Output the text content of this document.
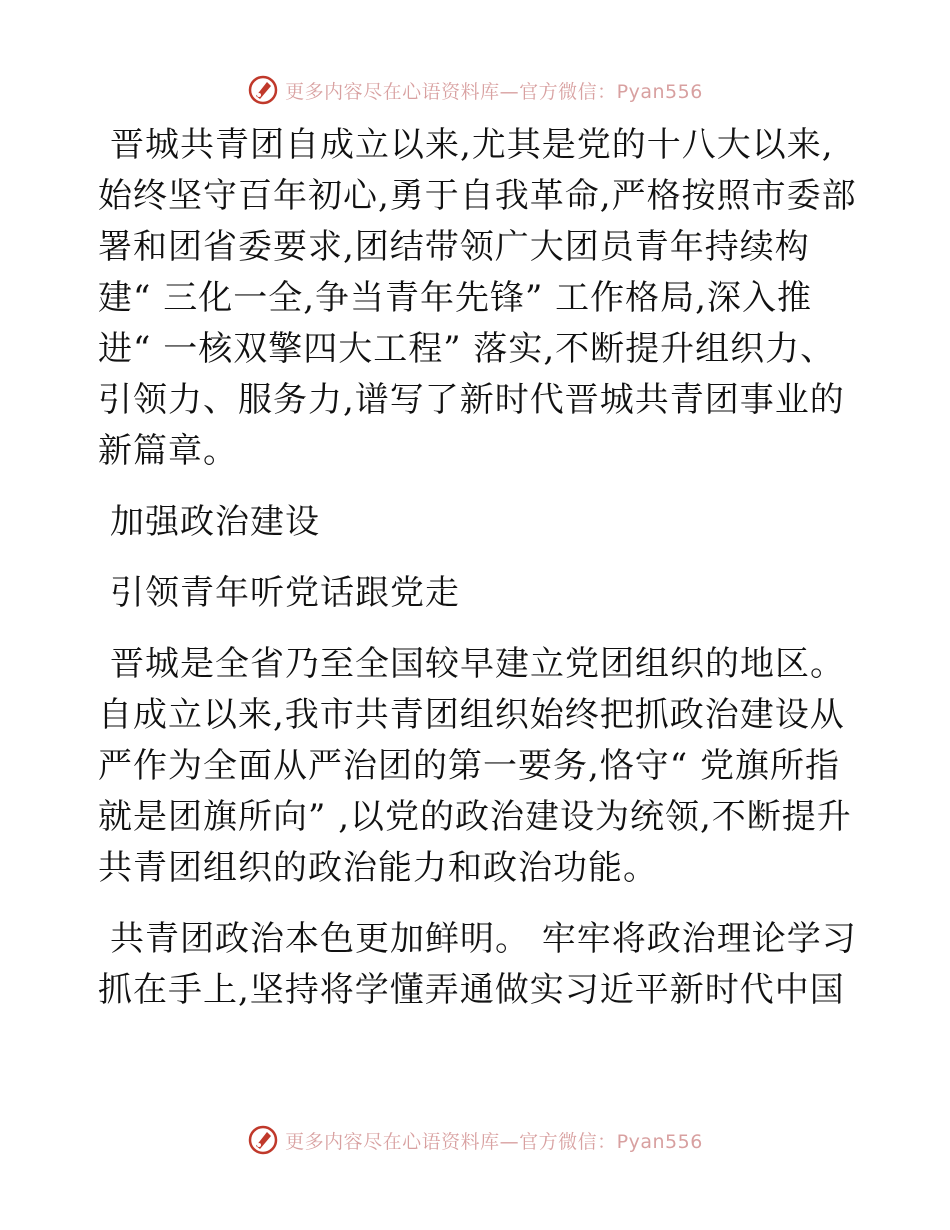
更多内容尽在心语资料库—官方微信：Pyan556

晋城共青团自成立以来,尤其是党的十八大以来,始终坚守百年初心,勇于自我革命,严格按照市委部署和团省委要求,团结带领广大团员青年持续构建“ 三化一全,争当青年先锋” 工作格局,深入推进“ 一核双擎四大工程” 落实,不断提升组织力、引领力、服务力,谱写了新时代晋城共青团事业的新篇章。

加强政治建设

引领青年听党话跟党走

晋城是全省乃至全国较早建立党团组织的地区。自成立以来,我市共青团组织始终把抓政治建设从严作为全面从严治团的第一要务,恪守“ 党旗所指就是团旗所向” ,以党的政治建设为统领,不断提升共青团组织的政治能力和政治功能。

共青团政治本色更加鲜明。 牢牢将政治理论学习抓在手上,坚持将学懂弄通做实习近平新时代中国

更多内容尽在心语资料库—官方微信：Pyan556
